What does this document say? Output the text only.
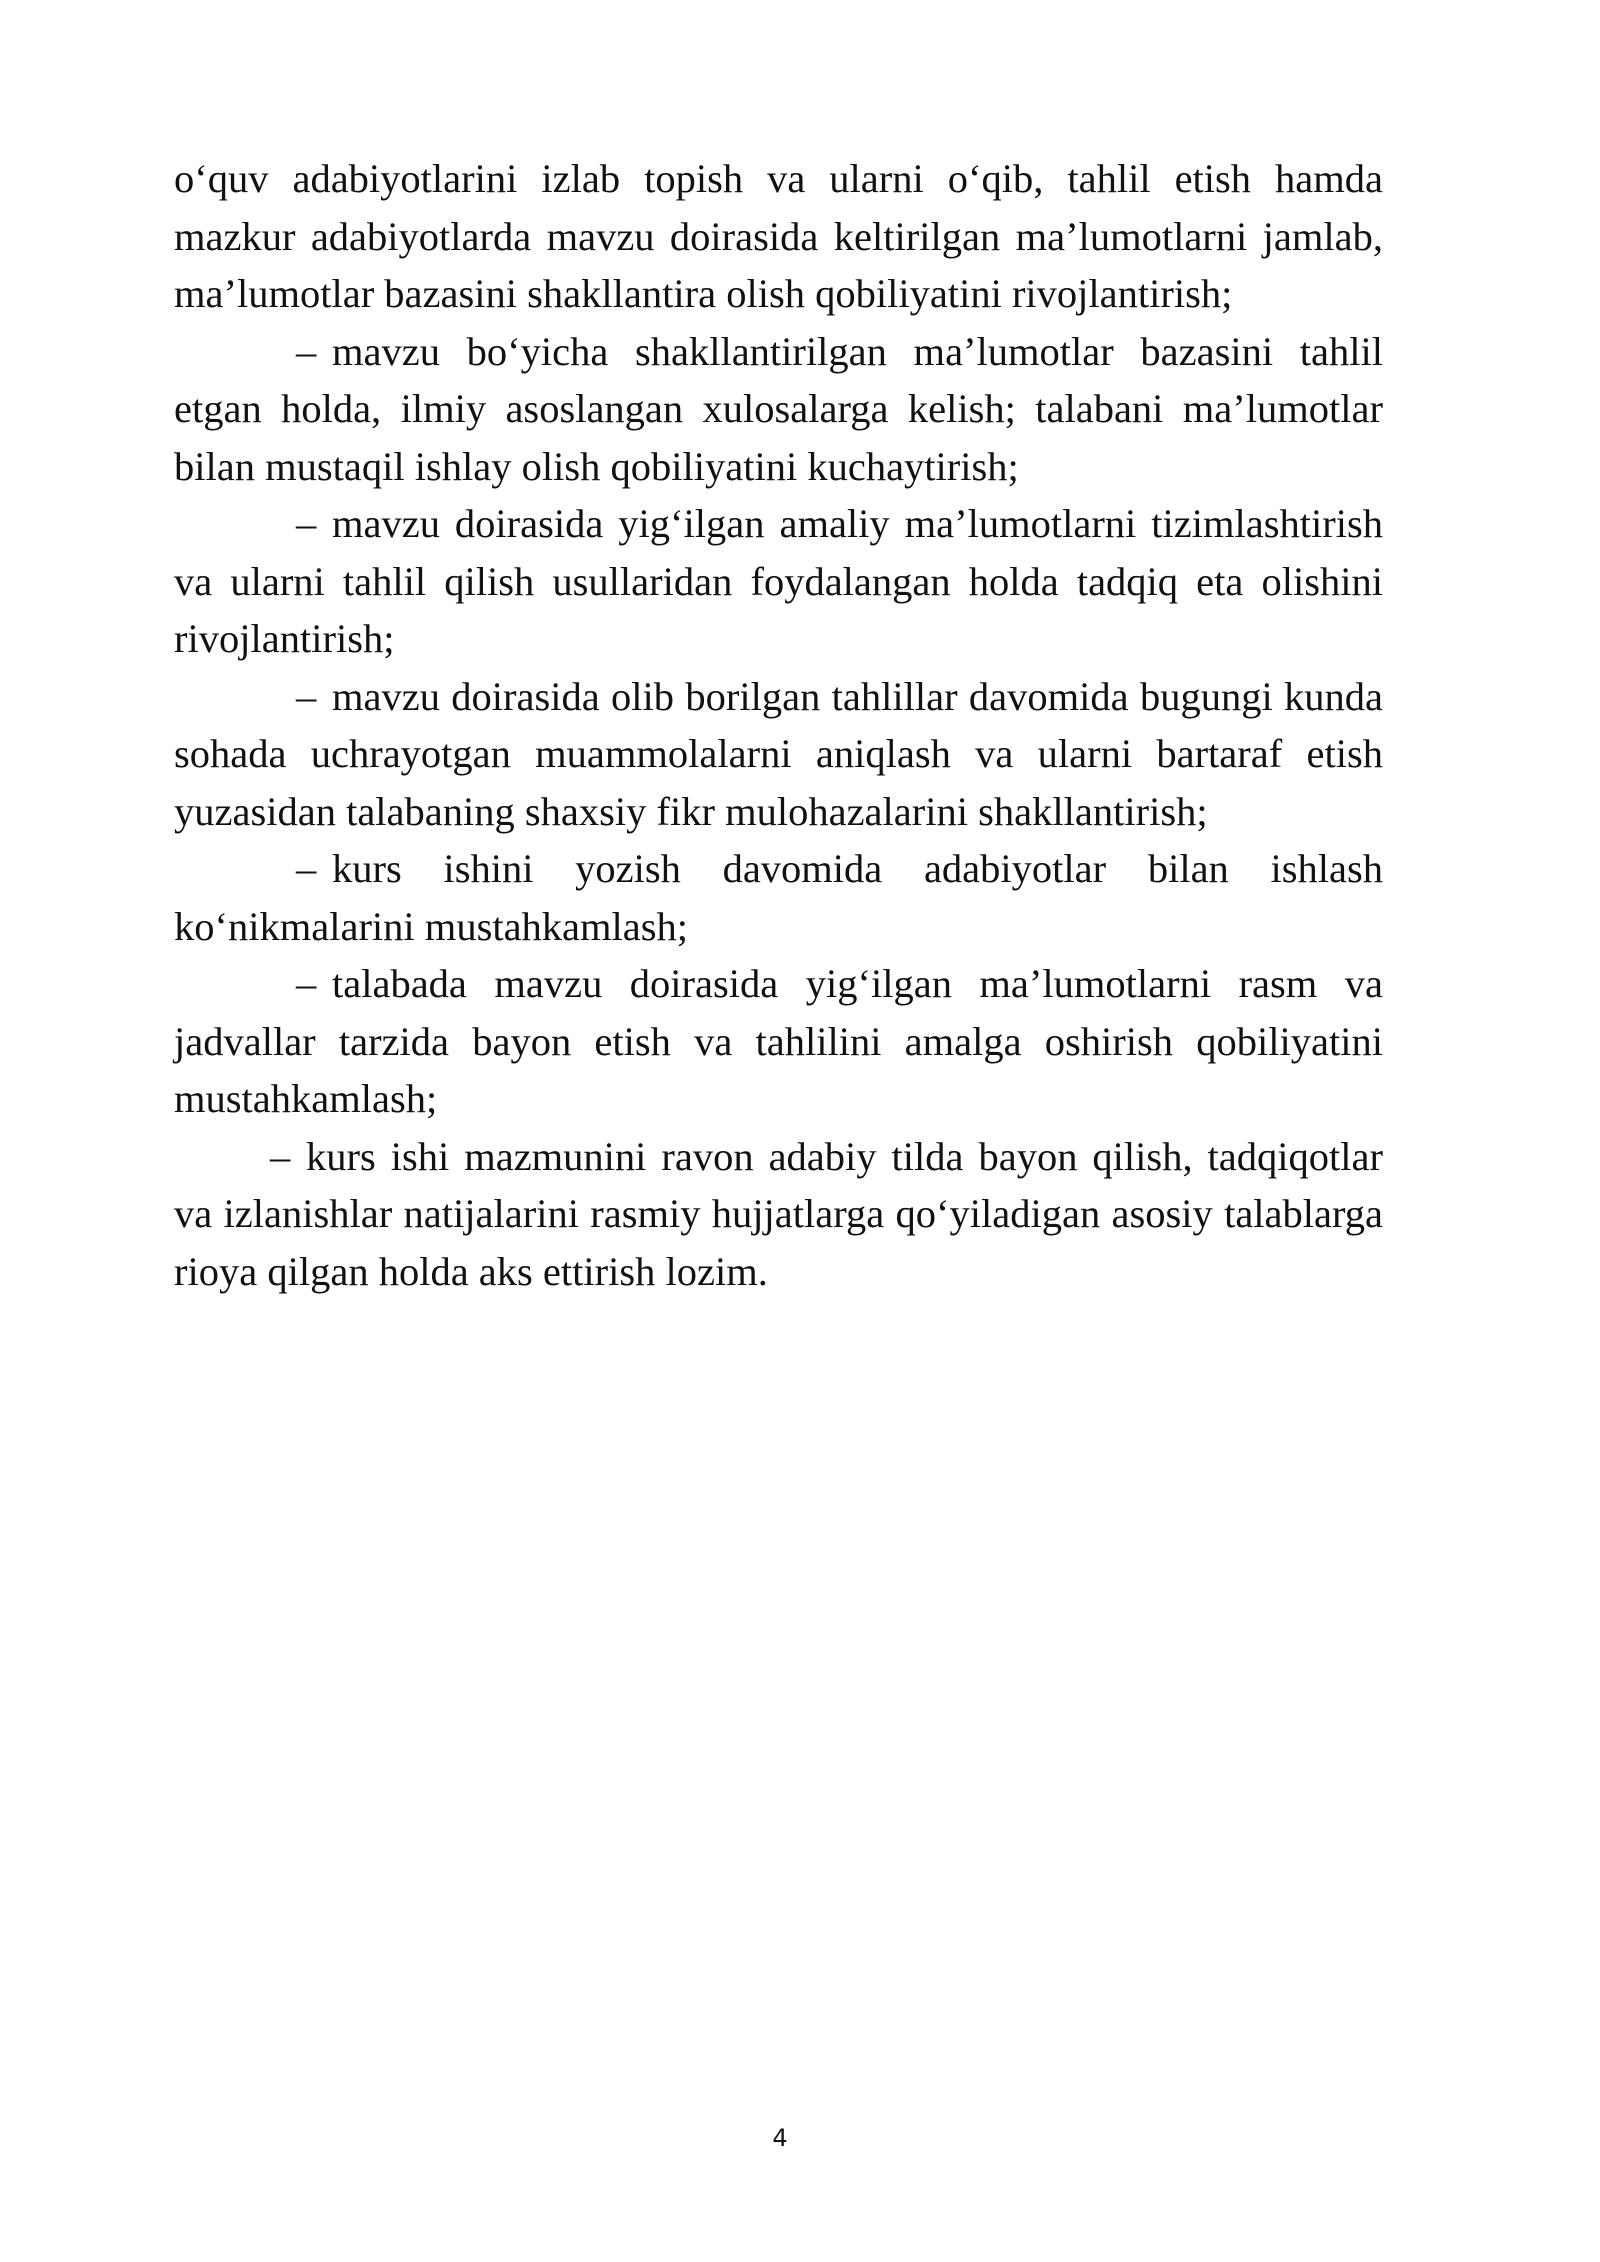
o‘quv adabiyotlarini izlab topish va ularni o‘qib, tahlil etish hamda mazkur adabiyotlarda mavzu doirasida keltirilgan ma’lumotlarni jamlab, ma’lumotlar bazasini shakllantira olish qobiliyatini rivojlantirish;

– mavzu bo‘yicha shakllantirilgan ma’lumotlar bazasini tahlil etgan holda, ilmiy asoslangan xulosalarga kelish; talabani ma’lumotlar bilan mustaqil ishlay olish qobiliyatini kuchaytirish;

– mavzu doirasida yig‘ilgan amaliy ma’lumotlarni tizimlashtirish va ularni tahlil qilish usullaridan foydalangan holda tadqiq eta olishini rivojlantirish;

– mavzu doirasida olib borilgan tahlillar davomida bugungi kunda sohada uchrayotgan muammolalarni aniqlash va ularni bartaraf etish yuzasidan talabaning shaxsiy fikr mulohazalarini shakllantirish;

– kurs ishini yozish davomida adabiyotlar bilan ishlash ko‘nikmalarini mustahkamlash;

– talabada mavzu doirasida yig‘ilgan ma’lumotlarni rasm va jadvallar tarzida bayon etish va tahlilini amalga oshirish qobiliyatini mustahkamlash;

– kurs ishi mazmunini ravon adabiy tilda bayon qilish, tadqiqotlar va izlanishlar natijalarini rasmiy hujjatlarga qo‘yiladigan asosiy talablarga rioya qilgan holda aks ettirish lozim.

4
